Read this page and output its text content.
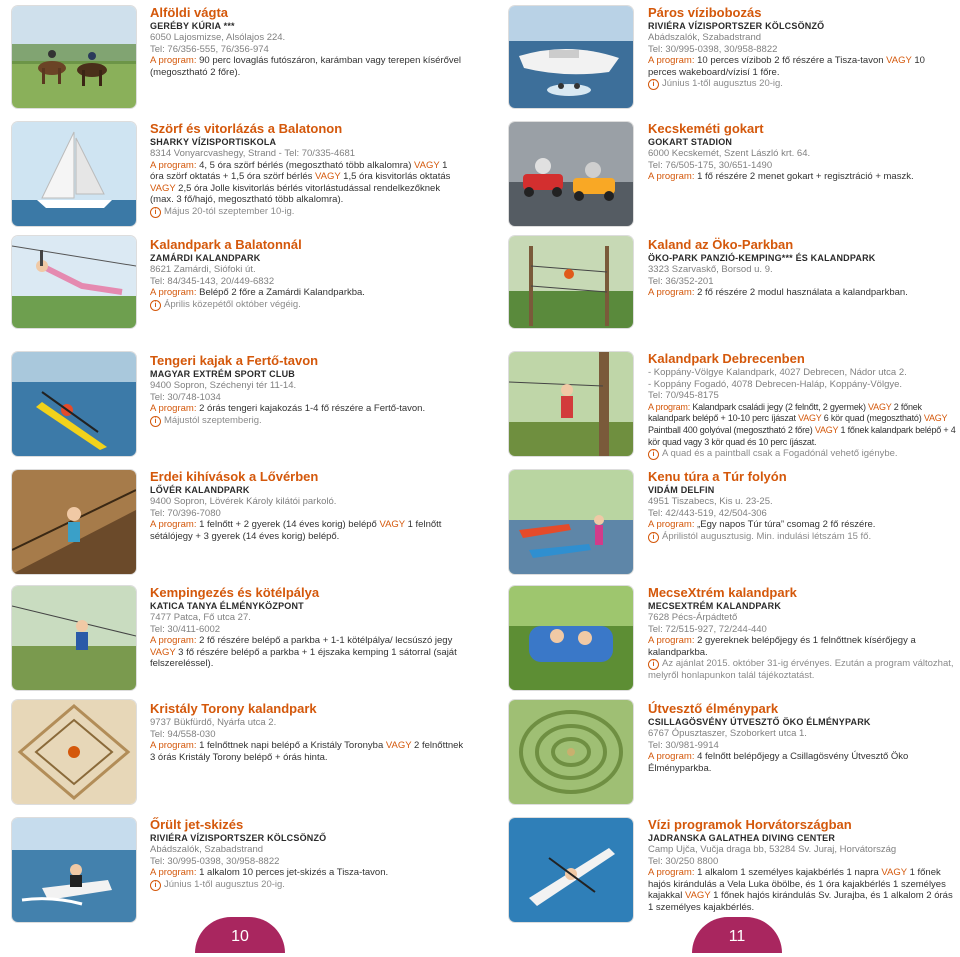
Alföldi vágta
GERÉBY KÚRIA ***
6050 Lajosmizse, Alsólajos 224.
Tel: 76/356-555, 76/356-974
A program: 90 perc lovaglás futószáron, karámban vagy terepen kísérővel (megosztható 2 főre).
Páros vízibobozás
RIVIÉRA VÍZISPORTSZER KÖLCSÖNZŐ
Abádszalók, Szabadstrand
Tel: 30/995-0398, 30/958-8822
A program: 10 perces vízibob 2 fő részére a Tisza-tavon VAGY 10 perces wakeboard/vízisí 1 főre.
i Június 1-től augusztus 20-ig.
Szörf és vitorlázás a Balatonon
SHARKY VÍZISPORTISKOLA
8314 Vonyarcvashegy, Strand - Tel: 70/335-4681
A program: 4, 5 óra szörf bérlés (megosztható több alkalomra) VAGY 1 óra szörf oktatás + 1,5 óra szörf bérlés VAGY 1,5 óra kisvitorlás oktatás VAGY 2,5 óra Jolle kisvitorlás bérlés vitorlástudással rendelkezőknek (max. 3 fő/hajó, megosztható több alkalomra).
i Május 20-tól szeptember 10-ig.
Kecskeméti gokart
GOKART STADION
6000 Kecskemét, Szent László krt. 64.
Tel: 76/505-175, 30/651-1490
A program: 1 fő részére 2 menet gokart + regisztráció + maszk.
Kalandpark a Balatonnál
ZAMÁRDI KALANDPARK
8621 Zamárdi, Siófoki út.
Tel: 84/345-143, 20/449-6832
A program: Belépő 2 főre a Zamárdi Kalandparkba.
i Április közepétől október végéig.
Kaland az Öko-Parkban
ÖKO-PARK PANZIÓ-KEMPING*** ÉS KALANDPARK
3323 Szarvaskő, Borsod u. 9.
Tel: 36/352-201
A program: 2 fő részére 2 modul használata a kalandparkban.
Tengeri kajak a Fertő-tavon
MAGYAR EXTRÉM SPORT CLUB
9400 Sopron, Széchenyi tér 11-14.
Tel: 30/748-1034
A program: 2 órás tengeri kajakozás 1-4 fő részére a Fertő-tavon.
i Májustól szeptemberig.
Kalandpark Debrecenben
- Koppány-Völgye Kalandpark, 4027 Debrecen, Nádor utca 2.
- Koppány Fogadó, 4078 Debrecen-Haláp, Koppány-Völgye.
Tel: 70/945-8175
A program: Kalandpark családi jegy (2 felnőtt, 2 gyermek) VAGY 2 főnek kalandpark belépő + 10-10 perc íjászat VAGY 6 kör quad (megosztható) VAGY Paintball 400 golyóval (megosztható 2 főre) VAGY 1 főnek kalandpark belépő + 4 kör quad vagy 3 kör quad és 10 perc íjászat.
i A quad és a paintball csak a Fogadónál vehető igénybe.
Erdei kihívások a Lővérben
LŐVÉR KALANDPARK
9400 Sopron, Lövérek Károly kilátói parkoló.
Tel: 70/396-7080
A program: 1 felnőtt + 2 gyerek (14 éves korig) belépő VAGY 1 felnőtt sétálójegy + 3 gyerek (14 éves korig) belépő.
Kenu túra a Túr folyón
VIDÁM DELFIN
4951 Tiszabecs, Kis u. 23-25.
Tel: 42/443-519, 42/504-306
A program: „Egy napos Túr túra” csomag 2 fő részére.
i Áprilistól augusztusig. Min. indulási létszám 15 fő.
Kempingezés és kötélpálya
KATICA TANYA ÉLMÉNYKÖZPONT
7477 Patca, Fő utca 27.
Tel: 30/411-6002
A program: 2 fő részére belépő a parkba + 1-1 kötélpálya/ lecsúszó jegy VAGY 3 fő részére belépő a parkba + 1 éjszaka kemping 1 sátorral (saját felszereléssel).
MecseXtrém kalandpark
MECSEXTRÉM KALANDPARK
7628 Pécs-Árpádtető
Tel: 72/515-927, 72/244-440
A program: 2 gyereknek belépőjegy és 1 felnőttnek kísérőjegy a kalandparkba.
i Az ajánlat 2015. október 31-ig érvényes. Ezután a program változhat, melyről honlapunkon talál tájékoztatást.
Kristály Torony kalandpark
9737 Bükfürdő, Nyárfa utca 2.
Tel: 94/558-030
A program: 1 felnőttnek napi belépő a Kristály Toronyba VAGY 2 felnőttnek 3 órás Kristály Torony belépő + órás hinta.
Útvesztő élménypark
CSILLAGÖSVÉNY ÚTVESZTŐ ÖKO ÉLMÉNYPARK
6767 Ópusztaszer, Szoborkert utca 1.
Tel: 30/981-9914
A program: 4 felnőtt belépőjegy a Csillagösvény Útvesztő Öko Élményparkba.
Őrült jet-skizés
RIVIÉRA VÍZISPORTSZER KÖLCSÖNZŐ
Abádszalók, Szabadstrand
Tel: 30/995-0398, 30/958-8822
A program: 1 alkalom 10 perces jet-skizés a Tisza-tavon.
i Június 1-től augusztus 20-ig.
Vízi programok Horvátországban
JADRANSKA GALATHEA DIVING CENTER
Camp Ujča, Vučja draga bb, 53284 Sv. Juraj, Horvátország
Tel: 30/250 8800
A program: 1 alkalom 1 személyes kajakbérlés 1 napra VAGY 1 főnek hajós kirándulás a Vela Luka öbölbe, és 1 óra kajakbérlés 1 személyes kajakkal VAGY 1 főnek hajós kirándulás Sv. Jurajba, és 1 alkalom 2 órás 1 személyes kajakbérlés.
10	11
